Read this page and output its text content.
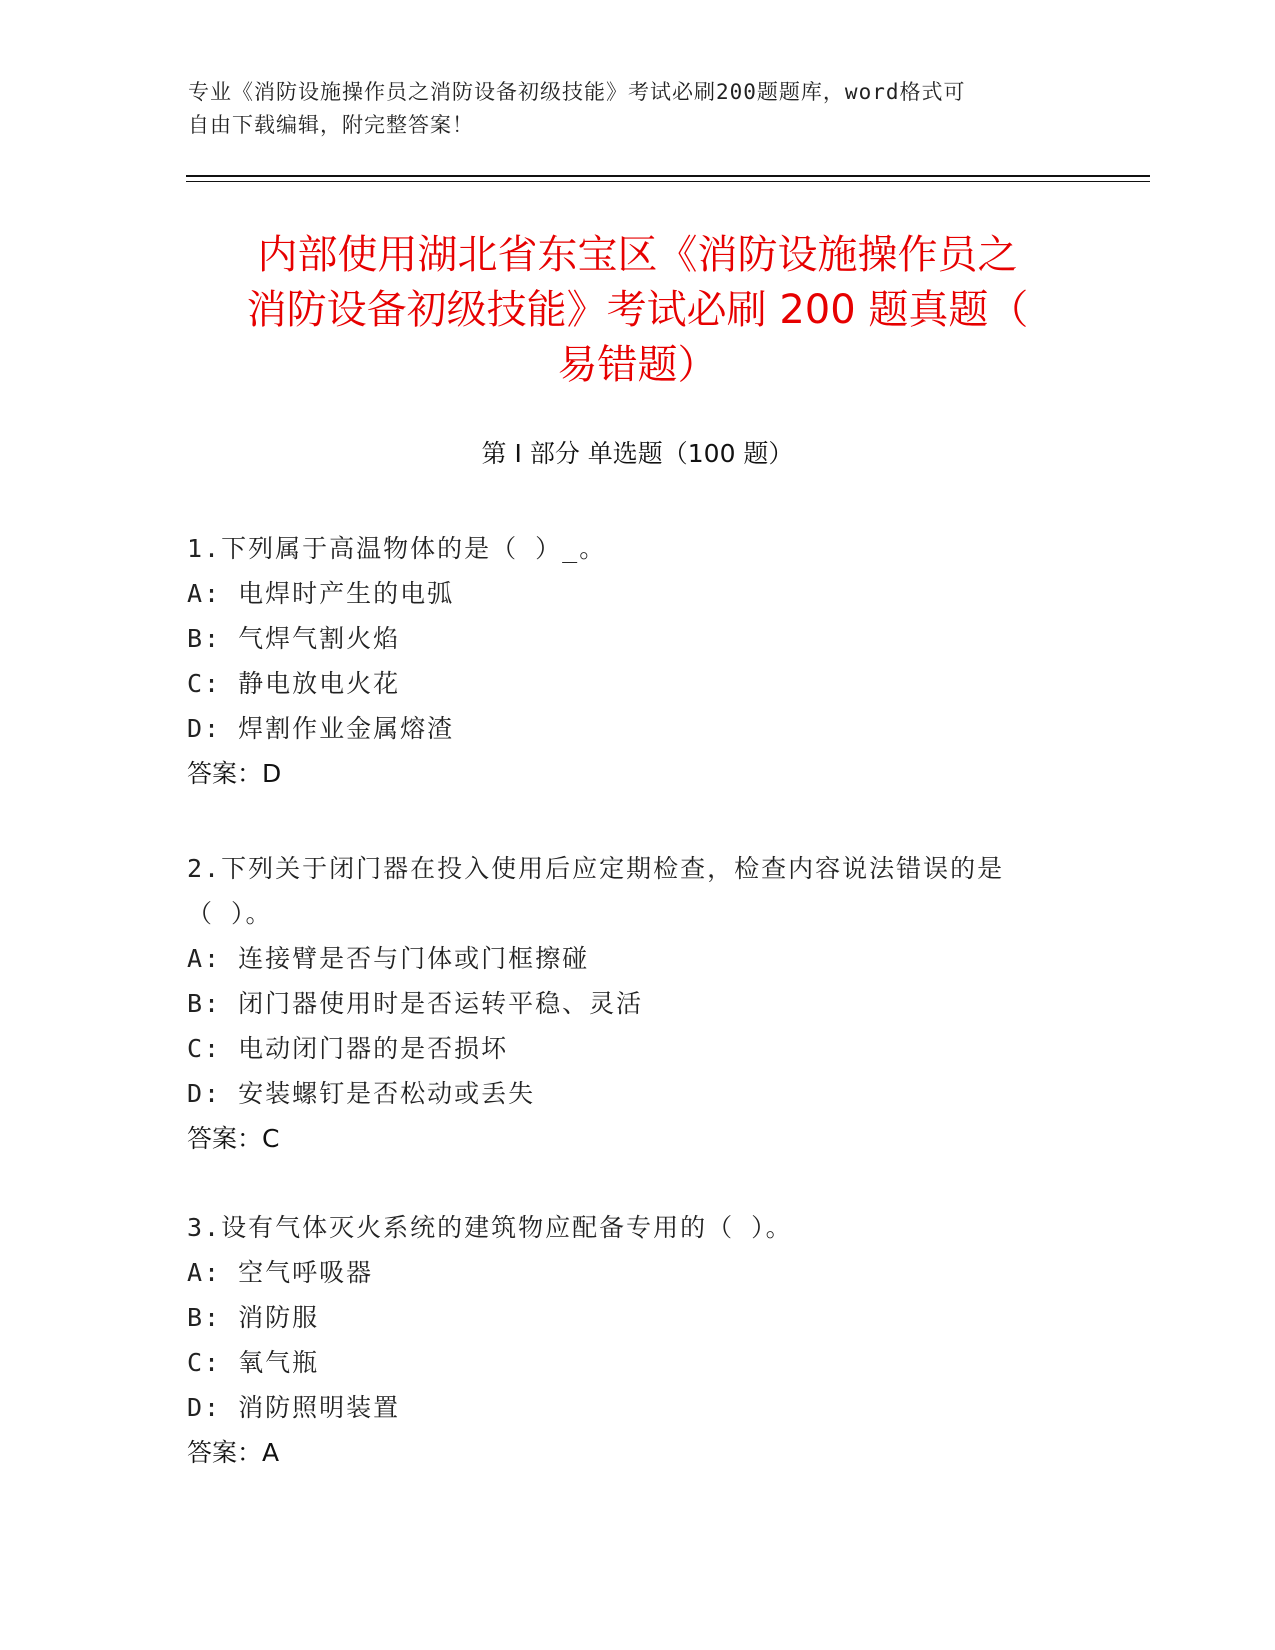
专业《消防设施操作员之消防设备初级技能》考试必刷200题题库，word格式可
自由下载编辑，附完整答案！
内部使用湖北省东宝区《消防设施操作员之
消防设备初级技能》考试必刷 200 题真题（
易错题）
第 I 部分 单选题（100 题）
1.下列属于高温物体的是（ ）_。
A: 电焊时产生的电弧
B: 气焊气割火焰
C: 静电放电火花
D: 焊割作业金属熔渣
答案：D
2.下列关于闭门器在投入使用后应定期检查，检查内容说法错误的是
（ ）。
A: 连接臂是否与门体或门框擦碰
B: 闭门器使用时是否运转平稳、灵活
C: 电动闭门器的是否损坏
D: 安装螺钉是否松动或丢失
答案：C
3.设有气体灭火系统的建筑物应配备专用的（ ）。
A: 空气呼吸器
B: 消防服
C: 氧气瓶
D: 消防照明装置
答案：A
